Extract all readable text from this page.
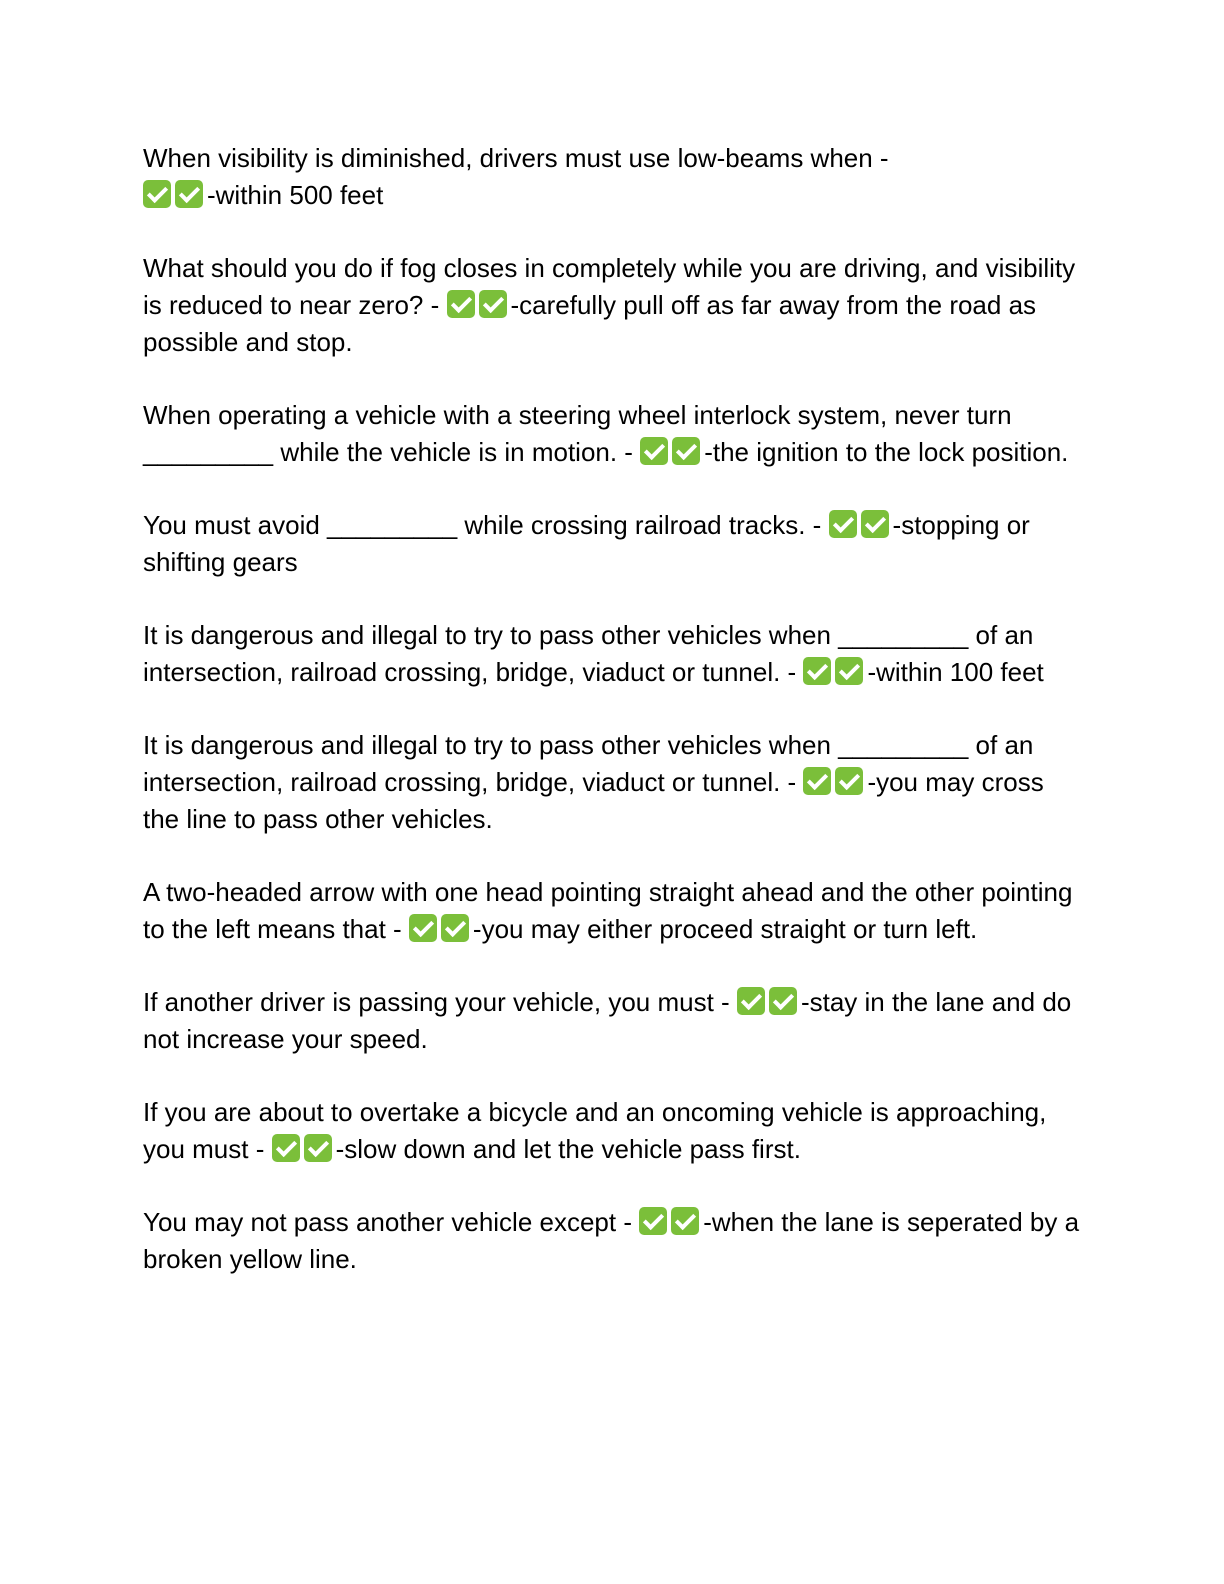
When visibility is diminished, drivers must use low-beams when - -within 500 feet

What should you do if fog closes in completely while you are driving, and visibility is reduced to near zero? - -carefully pull off as far away from the road as possible and stop.

When operating a vehicle with a steering wheel interlock system, never turn _________ while the vehicle is in motion. - -the ignition to the lock position.

You must avoid _________ while crossing railroad tracks. - -stopping or shifting gears

It is dangerous and illegal to try to pass other vehicles when _________ of an intersection, railroad crossing, bridge, viaduct or tunnel. - -within 100 feet

It is dangerous and illegal to try to pass other vehicles when _________ of an intersection, railroad crossing, bridge, viaduct or tunnel. - -you may cross the line to pass other vehicles.

A two-headed arrow with one head pointing straight ahead and the other pointing to the left means that - -you may either proceed straight or turn left.

If another driver is passing your vehicle, you must - -stay in the lane and do not increase your speed.

If you are about to overtake a bicycle and an oncoming vehicle is approaching, you must - -slow down and let the vehicle pass first.

You may not pass another vehicle except - -when the lane is seperated by a broken yellow line.
